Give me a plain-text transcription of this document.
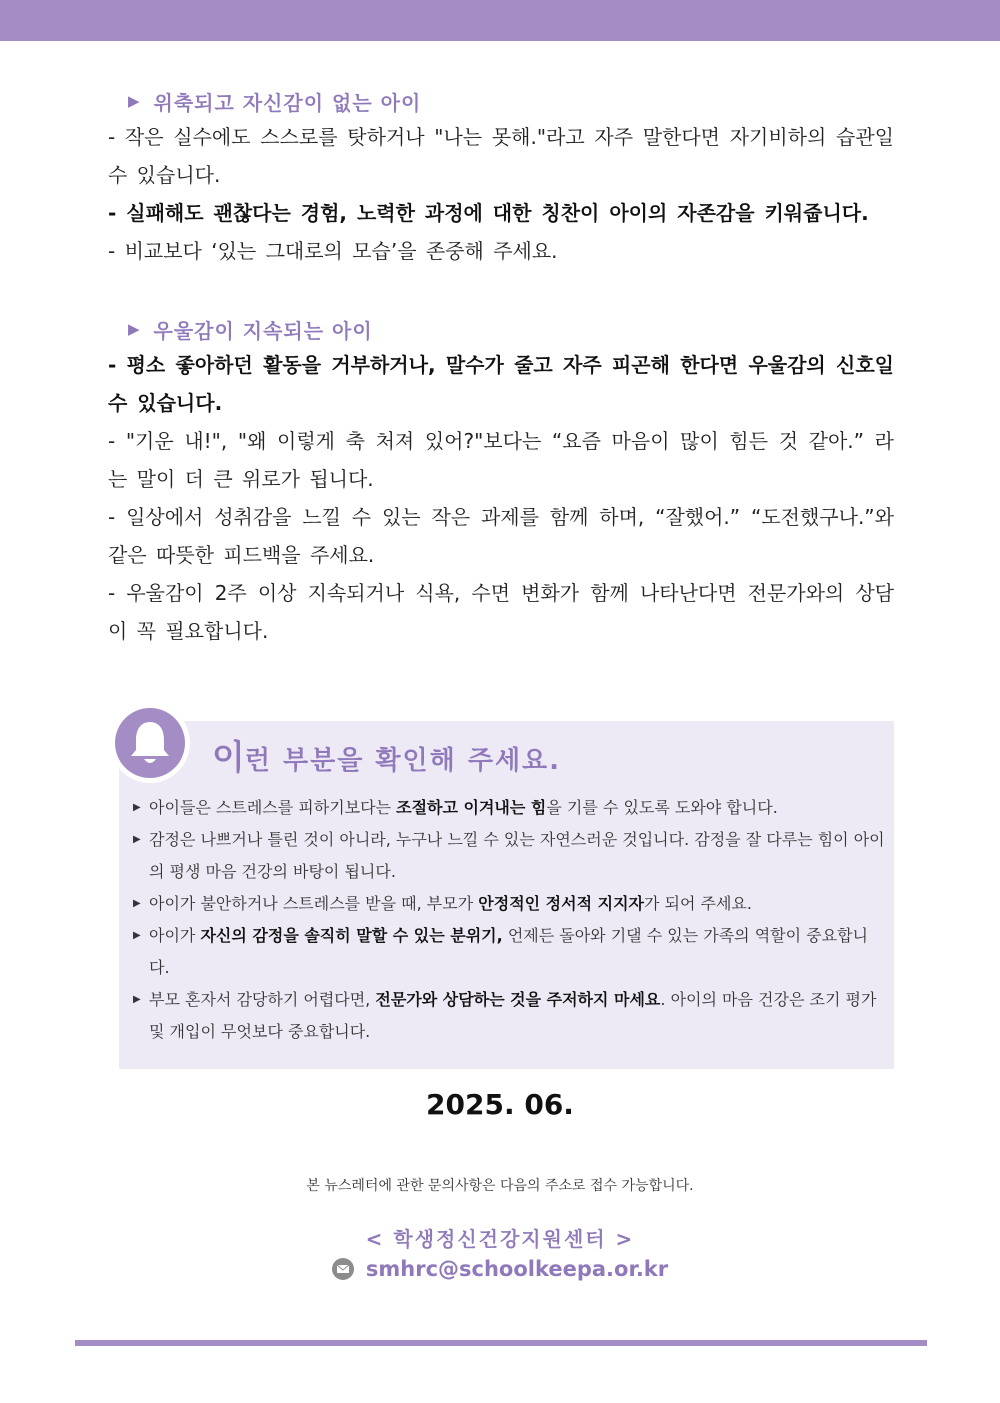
▶ 위축되고 자신감이 없는 아이

- 작은 실수에도 스스로를 탓하거나 "나는 못해."라고 자주 말한다면 자기비하의 습관일 수 있습니다.

- 실패해도 괜찮다는 경험, 노력한 과정에 대한 칭찬이 아이의 자존감을 키워줍니다.

- 비교보다 ‘있는 그대로의 모습’을 존중해 주세요.

▶ 우울감이 지속되는 아이

- 평소 좋아하던 활동을 거부하거나, 말수가 줄고 자주 피곤해 한다면 우울감의 신호일 수 있습니다.

- "기운 내!", "왜 이렇게 축 처져 있어?"보다는 “요즘 마음이 많이 힘든 것 같아.” 라는 말이 더 큰 위로가 됩니다.

- 일상에서 성취감을 느낄 수 있는 작은 과제를 함께 하며, “잘했어.” “도전했구나.”와 같은 따뜻한 피드백을 주세요.

- 우울감이 2주 이상 지속되거나 식욕, 수면 변화가 함께 나타난다면 전문가와의 상담이 꼭 필요합니다.

이 런 부분을 확인해 주세요.
▶ 아이들은 스트레스를 피하기보다는 조절하고 이겨내는 힘을 기를 수 있도록 도와야 합니다.
▶ 감정은 나쁘거나 틀린 것이 아니라, 누구나 느낄 수 있는 자연스러운 것입니다. 감정을 잘 다루는 힘이 아이의 평생 마음 건강의 바탕이 됩니다.
▶ 아이가 불안하거나 스트레스를 받을 때, 부모가 안정적인 정서적 지지자가 되어 주세요.
▶ 아이가 자신의 감정을 솔직히 말할 수 있는 분위기, 언제든 돌아와 기댈 수 있는 가족의 역할이 중요합니다.
▶ 부모 혼자서 감당하기 어렵다면, 전문가와 상담하는 것을 주저하지 마세요. 아이의 마음 건강은 조기 평가 및 개입이 무엇보다 중요합니다.
2025. 06.
본 뉴스레터에 관한 문의사항은 다음의 주소로 접수 가능합니다.
< 학생정신건강지원센터 >
smhrc@schoolkeepa.or.kr
